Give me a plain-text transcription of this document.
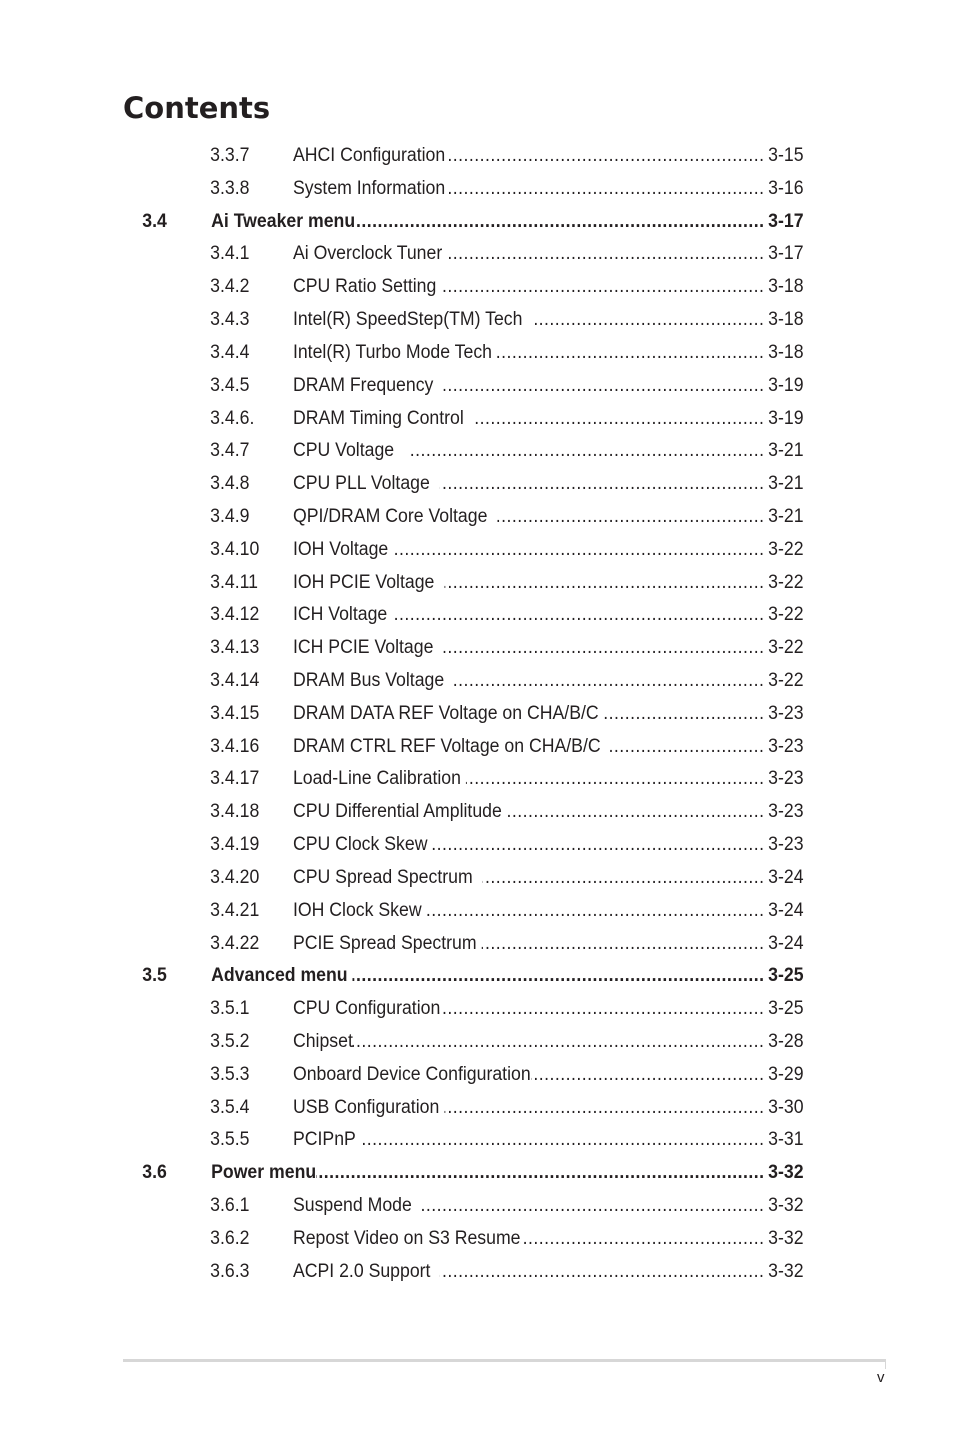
Contents
3.3.7 AHCI Configuration .....	3-15
3.3.8 System Information .....	3-16
3.4 Ai Tweaker menu .....	3-17
3.4.1 Ai Overclock Tuner .....	3-17
3.4.2 CPU Ratio Setting .....	3-18
3.4.3 Intel(R) SpeedStep(TM) Tech .....	3-18
3.4.4 Intel(R) Turbo Mode Tech .....	3-18
3.4.5 DRAM Frequency .....	3-19
3.4.6. DRAM Timing Control .....	3-19
3.4.7 CPU Voltage .....	3-21
3.4.8 CPU PLL Voltage .....	3-21
3.4.9 QPI/DRAM Core Voltage .....	3-21
3.4.10 IOH Voltage .....	3-22
3.4.11 IOH PCIE Voltage .....	3-22
3.4.12 ICH Voltage .....	3-22
3.4.13 ICH PCIE Voltage .....	3-22
3.4.14 DRAM Bus Voltage .....	3-22
3.4.15 DRAM DATA REF Voltage on CHA/B/C .....	3-23
3.4.16 DRAM CTRL REF Voltage on CHA/B/C .....	3-23
3.4.17 Load-Line Calibration .....	3-23
3.4.18 CPU Differential Amplitude .....	3-23
3.4.19 CPU Clock Skew .....	3-23
3.4.20 CPU Spread Spectrum .....	3-24
3.4.21 IOH Clock Skew .....	3-24
3.4.22 PCIE Spread Spectrum .....	3-24
3.5 Advanced menu .....	3-25
3.5.1 CPU Configuration .....	3-25
3.5.2 Chipset .....	3-28
3.5.3 Onboard Device Configuration .....	3-29
3.5.4 USB Configuration .....	3-30
3.5.5 PCIPnP .....	3-31
3.6 Power menu .....	3-32
3.6.1 Suspend Mode .....	3-32
3.6.2 Repost Video on S3 Resume .....	3-32
3.6.3 ACPI 2.0 Support .....	3-32
v
